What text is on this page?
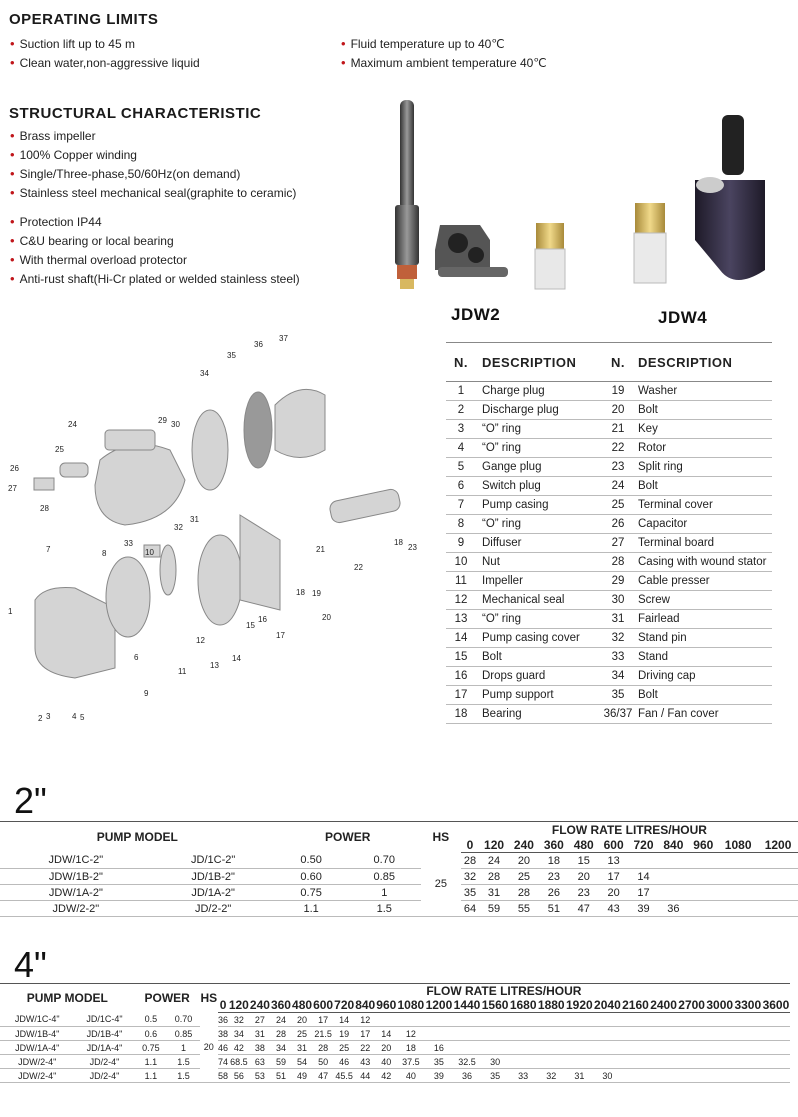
OPERATING LIMITS
• Suction lift up to 45 m
• Clean water,non-aggressive liquid
• Fluid temperature up to 40℃
• Maximum ambient temperature 40℃
STRUCTURAL CHARACTERISTIC
• Brass impeller
• 100% Copper winding
• Single/Three-phase,50/60Hz(on demand)
• Stainless steel mechanical seal(graphite to ceramic)
• Protection IP44
• C&U bearing or local bearing
• With thermal overload protector
• Anti-rust shaft(Hi-Cr plated or welded stainless steel)
JDW2	JDW4
1
2 3	4 5
6
7	8
9
11
12
13
14
15
16
17
18 19
20
21
22
23
24
25
26
27
28
29 30
31
32
33
34
35
36
37
10
18
N.	DESCRIPTION	N.	DESCRIPTION
1	Charge plug	19	Washer
2	Discharge plug	20	Bolt
3	“O” ring	21	Key
4	“O” ring	22	Rotor
5	Gange plug	23	Split ring
6	Switch plug	24	Bolt
7	Pump casing	25	Terminal cover
8	“O” ring	26	Capacitor
9	Diffuser	27	Terminal board
10	Nut	28	Casing with wound stator
11	Impeller	29	Cable presser
12	Mechanical seal	30	Screw
13	“O” ring	31	Fairlead
14	Pump casing cover	32	Stand pin
15	Bolt	33	Stand
16	Drops guard	34	Driving cap
17	Pump support	35	Bolt
18	Bearing	36/37	Fan / Fan cover
2"
PUMP MODEL		POWER		HS	FLOW RATE LITRES/HOUR										
					0	120	240	360	480	600	720	840	960	1080	1200
JDW/1C-2"	JD/1C-2"	0.50	0.70	25	28	24	20	18	15	13					
JDW/1B-2"	JD/1B-2"	0.60	0.85		32	28	25	23	20	17	14				
JDW/1A-2"	JD/1A-2"	0.75	1		35	31	28	26	23	20	17				
JDW/2-2"	JD/2-2"	1.1	1.5		64	59	55	51	47	43	39	36			
4"
PUMP MODEL		POWER		HS	FLOW RATE LITRES/HOUR																						
					0	120	240	360	480	600	720	840	960	1080	1200	1440	1560	1680	1880	1920	2040	2160	2400	2700	3000	3300	3600
JDW/1C-4"	JD/1C-4"	0.5	0.70	20	36	32	27	24	20	17	14	12															
JDW/1B-4"	JD/1B-4"	0.6	0.85		38	34	31	28	25	21.5	19	17	14	12													
JDW/1A-4"	JD/1A-4"	0.75	1		46	42	38	34	31	28	25	22	20	18	16												
JDW/2-4"	JD/2-4"	1.1	1.5		74	68.5	63	59	54	50	46	43	40	37.5	35	32.5	30										
JDW/2-4"	JD/2-4"	1.1	1.5		58	56	53	51	49	47	45.5	44	42	40	39	36	35	33	32	31	30						
